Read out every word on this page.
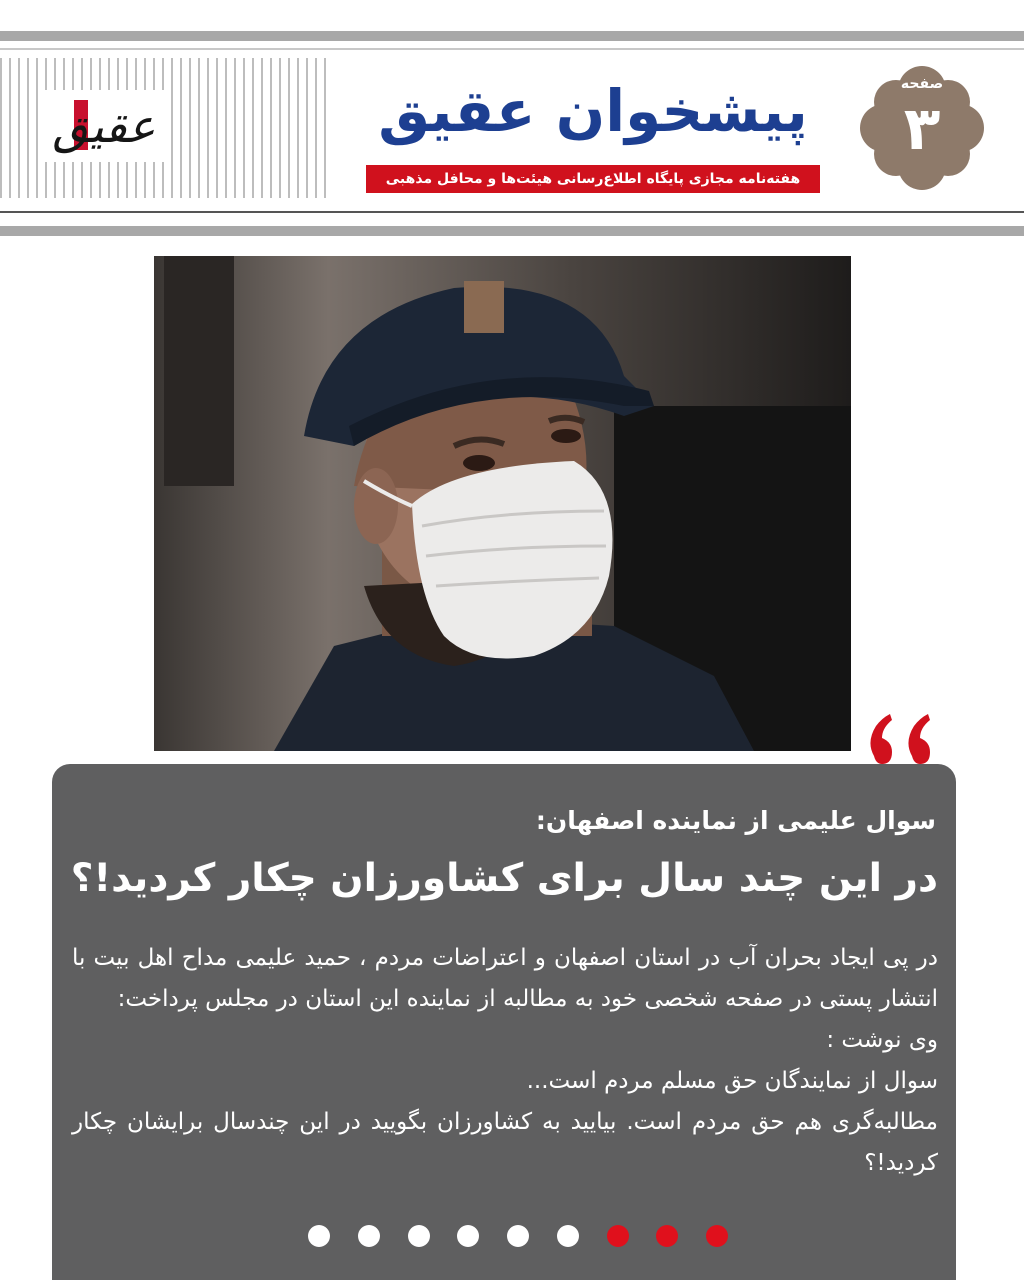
عقیق	پیشخوان عقیق
هفته‌نامه مجازی پایگاه اطلاع‌رسانی هیئت‌ها و محافل مذهبی
صفحه
۳
سوال علیمی از نماینده اصفهان:
در این چند سال برای کشاورزان چکار کردید!؟

در پی ایجاد بحران آب در استان اصفهان و اعتراضات مردم ، حمید علیمی مداح اهل بیت با انتشار پستی در صفحه شخصی خود به مطالبه از نماینده این استان در مجلس پرداخت:

وی نوشت :

سوال از نمایندگان حق مسلم مردم است...

مطالبه‌گری هم حق مردم است. بیایید به کشاورزان بگویید در این چندسال برایشان چکار کردید!؟
